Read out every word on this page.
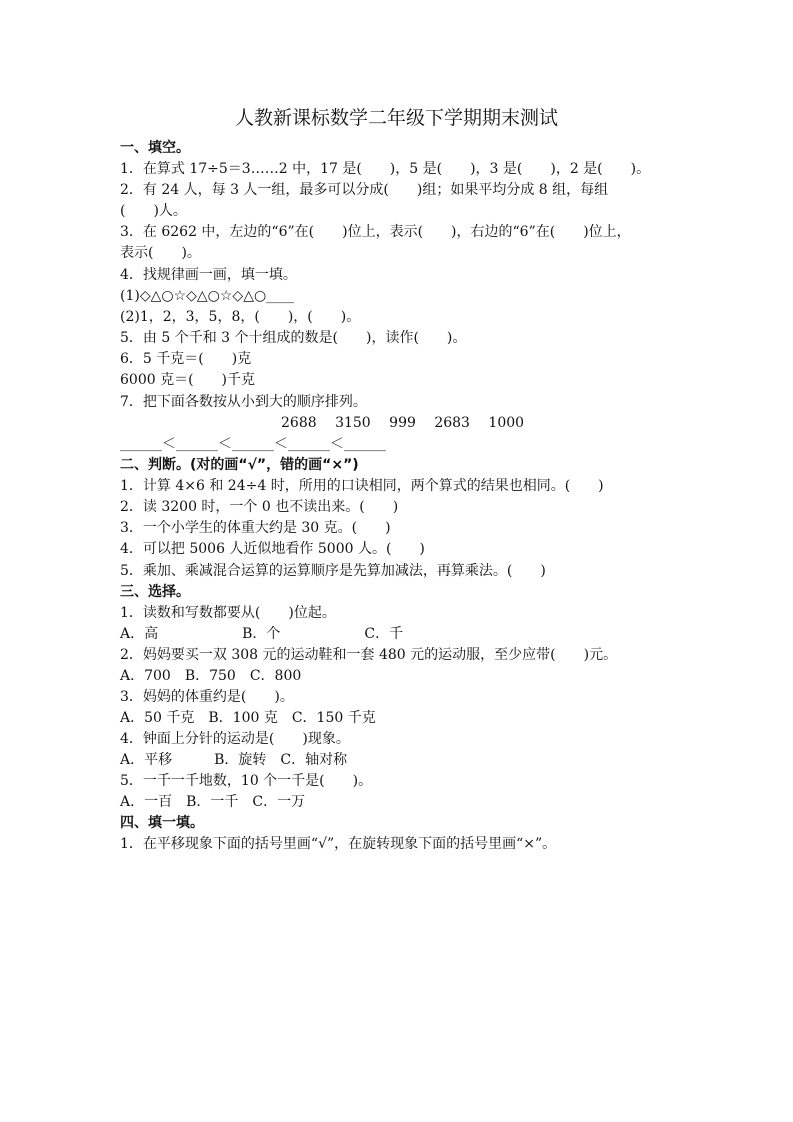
人教新课标数学二年级下学期期末测试
一、填空。
1．在算式 17÷5＝3……2 中，17 是(　　)，5 是(　　)，3 是(　　)，2 是(　　)。
2．有 24 人，每 3 人一组，最多可以分成(　　)组；如果平均分成 8 组，每组
(　　)人。
3．在 6262 中，左边的“6”在(　　)位上，表示(　　)，右边的“6”在(　　)位上，
表示(　　)。
4．找规律画一画，填一填。
(1)◇△○☆◇△○☆◇△○____
(2)1，2，3，5，8，(　　)，(　　)。
5．由 5 个千和 3 个十组成的数是(　　)，读作(　　)。
6．5 千克＝(　　)克
6000 克＝(　　)千克
7．把下面各数按从小到大的顺序排列。
2688　 3150　 999　 2683　 1000
______＜______＜______＜______＜______
二、判断。(对的画“√”，错的画“×”)
1．计算 4×6 和 24÷4 时，所用的口诀相同，两个算式的结果也相同。(　　)
2．读 3200 时，一个 0 也不读出来。(　　)
3．一个小学生的体重大约是 30 克。(　　)
4．可以把 5006 人近似地看作 5000 人。(　　)
5．乘加、乘减混合运算的运算顺序是先算加减法，再算乘法。(　　)
三、选择。
1．读数和写数都要从(　　)位起。
A．高　　　　　　B．个　　　　　　C．千
2．妈妈要买一双 308 元的运动鞋和一套 480 元的运动服，至少应带(　　)元。
A．700　B．750　C．800
3．妈妈的体重约是(　　)。
A．50 千克　B．100 克　C．150 千克
4．钟面上分针的运动是(　　)现象。
A．平移　　　B．旋转　C．轴对称
5．一千一千地数，10 个一千是(　　)。
A．一百　B．一千　C．一万
四、填一填。
1．在平移现象下面的括号里画“√”，在旋转现象下面的括号里画“×”。
